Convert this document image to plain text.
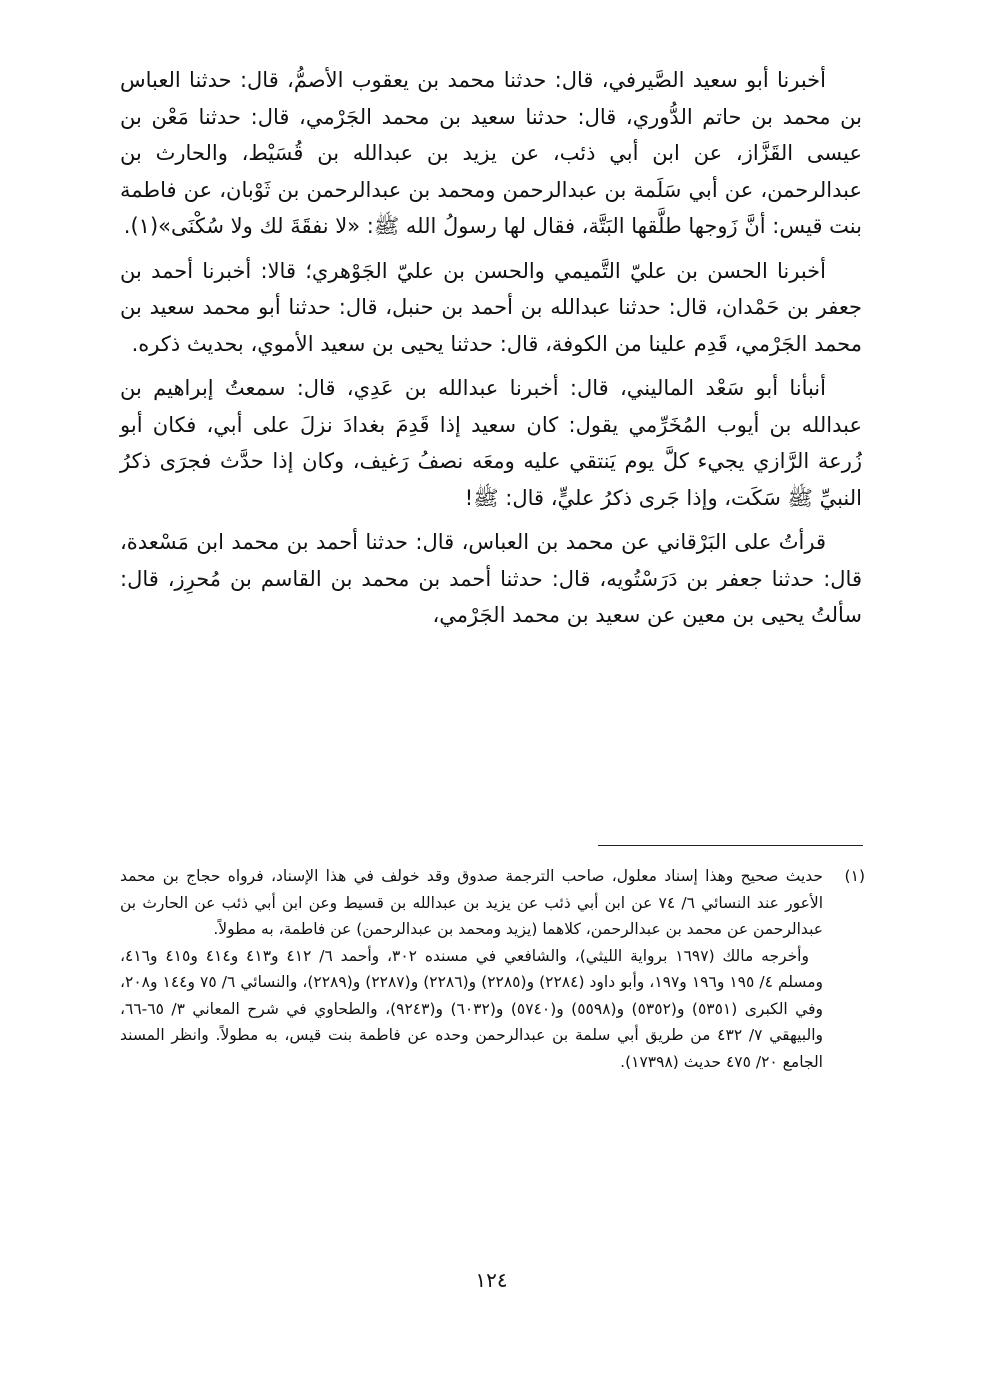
أخبرنا أبو سعيد الصَّيرفي، قال: حدثنا محمد بن يعقوب الأصمُّ، قال: حدثنا العباس بن محمد بن حاتم الدُّوري، قال: حدثنا سعيد بن محمد الجَرْمي، قال: حدثنا مَعْن بن عيسى القَزَّاز، عن ابن أبي ذئب، عن يزيد بن عبدالله بن قُسَيْط، والحارث بن عبدالرحمن، عن أبي سَلَمة بن عبدالرحمن ومحمد بن عبدالرحمن بن ثَوْبان، عن فاطمة بنت قيس: أنَّ زَوجها طلَّقها البَتَّة، فقال لها رسولُ الله ﷺ: «لا نفقَةَ لك ولا سُكْنَى»(١).

أخبرنا الحسن بن عليّ التَّميمي والحسن بن عليّ الجَوْهري؛ قالا: أخبرنا أحمد بن جعفر بن حَمْدان، قال: حدثنا عبدالله بن أحمد بن حنبل، قال: حدثنا أبو محمد سعيد بن محمد الجَرْمي، قَدِم علينا من الكوفة، قال: حدثنا يحيى بن سعيد الأموي، بحديث ذكره.

أنبأنا أبو سَعْد الماليني، قال: أخبرنا عبدالله بن عَدِي، قال: سمعتُ إبراهيم بن عبدالله بن أيوب المُخَرِّمي يقول: كان سعيد إذا قَدِمَ بغدادَ نزلَ على أبي، فكان أبو زُرعة الرَّازي يجيء كلَّ يوم يَنتقي عليه ومعَه نصفُ رَغيف، وكان إذا حدَّث فجرَى ذكرُ النبيِّ ﷺ سَكَت، وإذا جَرى ذكرُ عليٍّ، قال: ﷺ!

قرأتُ على البَرْقاني عن محمد بن العباس، قال: حدثنا أحمد بن محمد ابن مَسْعدة، قال: حدثنا جعفر بن دَرَسْتُويه، قال: حدثنا أحمد بن محمد بن القاسم بن مُحرِز، قال: سألتُ يحيى بن معين عن سعيد بن محمد الجَرْمي،

(١)
حديث صحيح وهذا إسناد معلول، صاحب الترجمة صدوق وقد خولف في هذا الإسناد، فرواه حجاج بن محمد الأعور عند النسائي ٦/ ٧٤ عن ابن أبي ذئب عن يزيد بن عبدالله بن قسيط وعن ابن أبي ذئب عن الحارث بن عبدالرحمن عن محمد بن عبدالرحمن، كلاهما (يزيد ومحمد بن عبدالرحمن) عن فاطمة، به مطولاً.

وأخرجه مالك (١٦٩٧ برواية الليثي)، والشافعي في مسنده ٣٠٢، وأحمد ٦/ ٤١٢ و٤١٣ و٤١٤ و٤١٥ و٤١٦، ومسلم ٤/ ١٩٥ و١٩٦ و١٩٧، وأبو داود (٢٢٨٤) و(٢٢٨٥) و(٢٢٨٦) و(٢٢٨٧) و(٢٢٨٩)، والنسائي ٦/ ٧٥ و١٤٤ و٢٠٨، وفي الكبرى (٥٣٥١) و(٥٣٥٢) و(٥٥٩٨) و(٥٧٤٠) و(٦٠٣٢) و(٩٢٤٣)، والطحاوي في شرح المعاني ٣/ ٦٥-٦٦، والبيهقي ٧/ ٤٣٢ من طريق أبي سلمة بن عبدالرحمن وحده عن فاطمة بنت قيس، به مطولاً. وانظر المسند الجامع ٢٠/ ٤٧٥ حديث (١٧٣٩٨).

١٢٤
